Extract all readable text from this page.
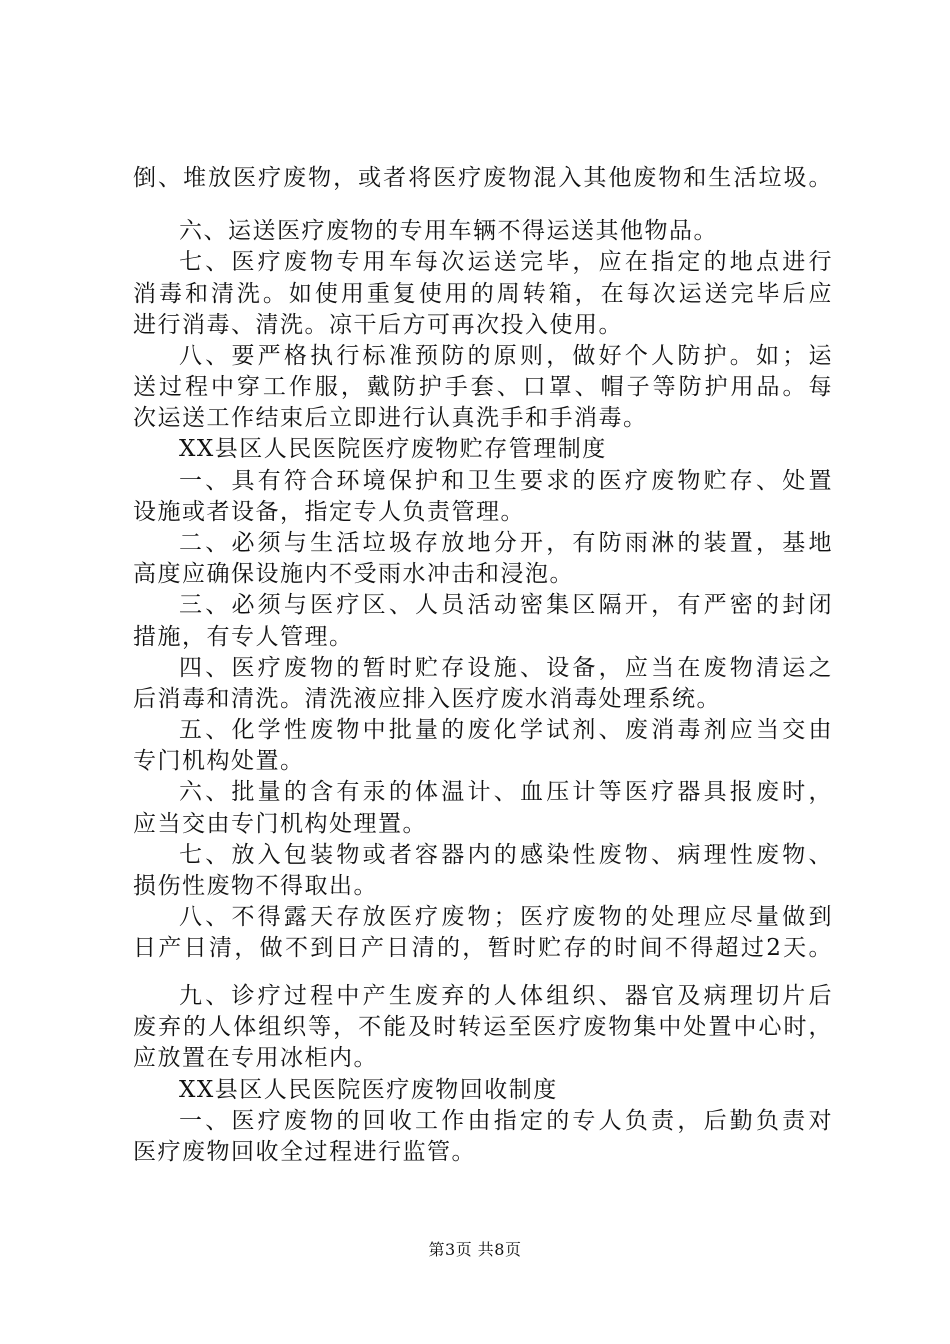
倒、堆放医疗废物，或者将医疗废物混入其他废物和生活垃圾。
六、运送医疗废物的专用车辆不得运送其他物品。
七、医疗废物专用车每次运送完毕，应在指定的地点进行
消毒和清洗。如使用重复使用的周转箱，在每次运送完毕后应
进行消毒、清洗。凉干后方可再次投入使用。
八、要严格执行标准预防的原则，做好个人防护。如；运
送过程中穿工作服，戴防护手套、口罩、帽子等防护用品。每
次运送工作结束后立即进行认真洗手和手消毒。
XX县区人民医院医疗废物贮存管理制度
一、具有符合环境保护和卫生要求的医疗废物贮存、处置
设施或者设备，指定专人负责管理。
二、必须与生活垃圾存放地分开，有防雨淋的装置，基地
高度应确保设施内不受雨水冲击和浸泡。
三、必须与医疗区、人员活动密集区隔开，有严密的封闭
措施，有专人管理。
四、医疗废物的暂时贮存设施、设备，应当在废物清运之
后消毒和清洗。清洗液应排入医疗废水消毒处理系统。
五、化学性废物中批量的废化学试剂、废消毒剂应当交由
专门机构处置。
六、批量的含有汞的体温计、血压计等医疗器具报废时，
应当交由专门机构处理置。
七、放入包装物或者容器内的感染性废物、病理性废物、
损伤性废物不得取出。
八、不得露天存放医疗废物；医疗废物的处理应尽量做到
日产日清，做不到日产日清的，暂时贮存的时间不得超过2天。
九、诊疗过程中产生废弃的人体组织、器官及病理切片后
废弃的人体组织等，不能及时转运至医疗废物集中处置中心时，
应放置在专用冰柜内。
XX县区人民医院医疗废物回收制度
一、医疗废物的回收工作由指定的专人负责，后勤负责对
医疗废物回收全过程进行监管。
第3页 共8页
